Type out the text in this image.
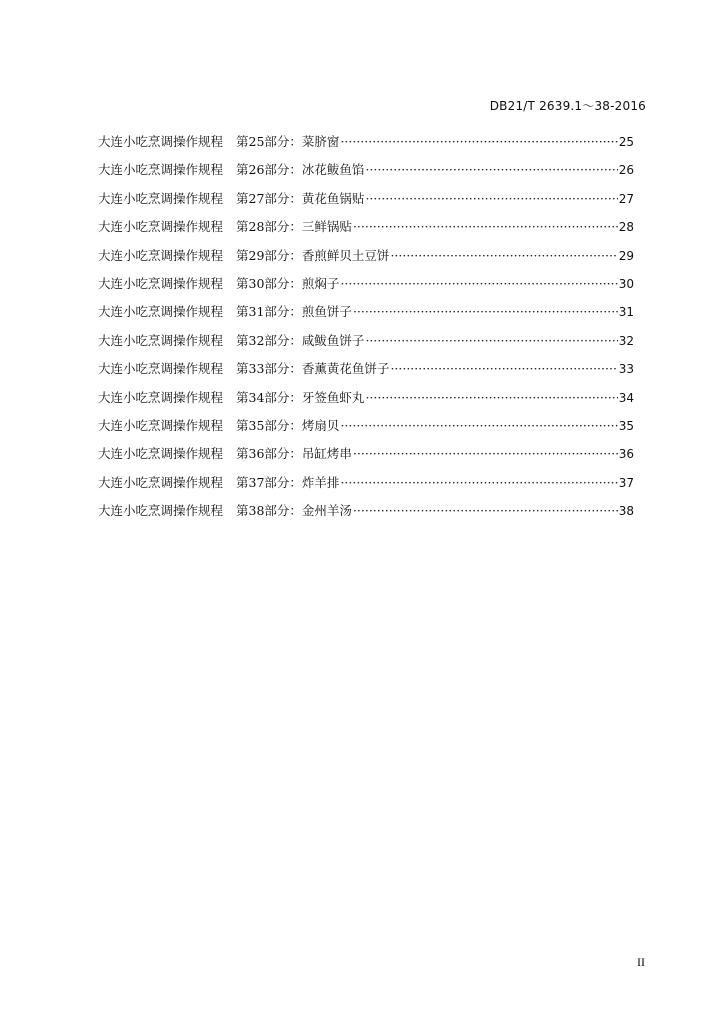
DB21/T 2639.1～38-2016
大连小吃烹调操作规程 第25部分： 菜脐窗 ·····	25
大连小吃烹调操作规程 第26部分： 冰花鲅鱼馅 ·····	26
大连小吃烹调操作规程 第27部分： 黄花鱼锅贴 ·····	27
大连小吃烹调操作规程 第28部分： 三鲜锅贴 ·····	28
大连小吃烹调操作规程 第29部分： 香煎鲜贝土豆饼 ·····	29
大连小吃烹调操作规程 第30部分： 煎焖子 ·····	30
大连小吃烹调操作规程 第31部分： 煎鱼饼子 ·····	31
大连小吃烹调操作规程 第32部分： 咸鲅鱼饼子 ·····	32
大连小吃烹调操作规程 第33部分： 香薰黄花鱼饼子 ·····	33
大连小吃烹调操作规程 第34部分： 牙签鱼虾丸 ·····	34
大连小吃烹调操作规程 第35部分： 烤扇贝 ·····	35
大连小吃烹调操作规程 第36部分： 吊缸烤串 ·····	36
大连小吃烹调操作规程 第37部分： 炸羊排 ·····	37
大连小吃烹调操作规程 第38部分： 金州羊汤 ·····	38
II
